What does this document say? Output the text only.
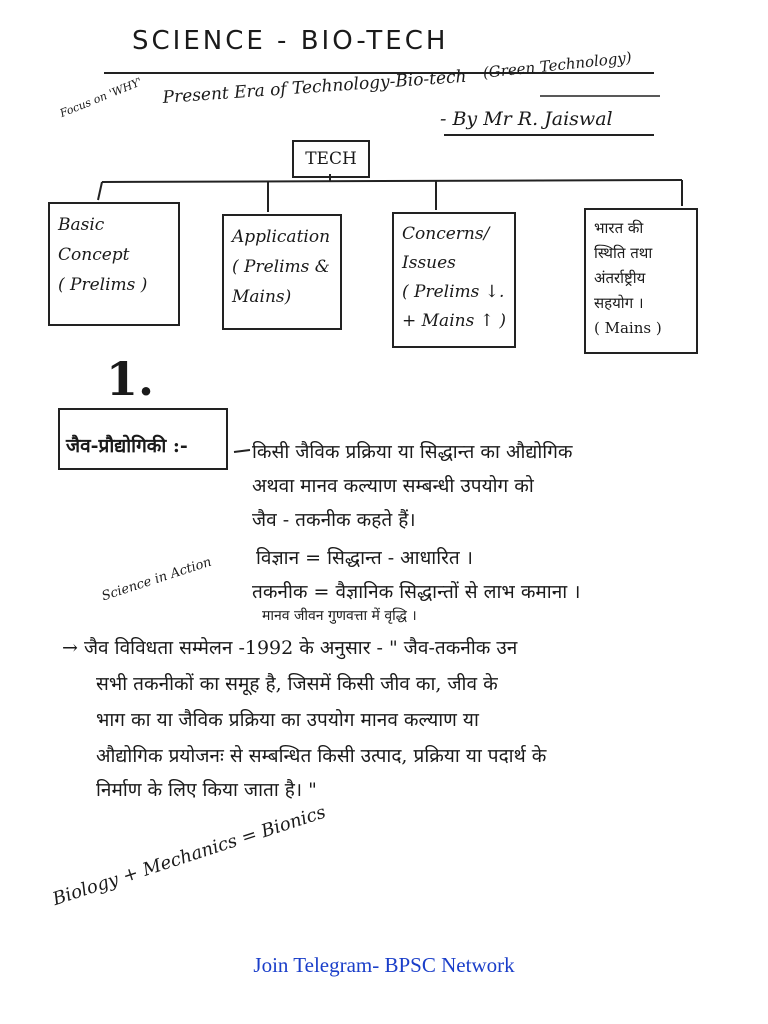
SCIENCE - BIO-TECH
Focus on 'WHY' Present Era of Technology-Bio-tech
(Green Technology)
- By Mr R. Jaiswal
TECH
Basic
Concept
( Prelims )
Application
( Prelims &
Mains)
Concerns/
Issues
( Prelims ↓.
+ Mains ↑ )
भारत की
स्थिति तथा
अंतर्राष्ट्रीय
सहयोग ।
( Mains )
1.
जैव-प्रौद्योगिकी :-	किसी जैविक प्रक्रिया या सिद्धान्त का औद्योगिक
अथवा मानव कल्याण सम्बन्धी उपयोग को
जैव - तकनीक कहते हैं।
विज्ञान = सिद्धान्त - आधारित ।
Science in Action तकनीक = वैज्ञानिक सिद्धान्तों से लाभ कमाना ।
मानव जीवन गुणवत्ता में वृद्धि ।
→ जैव विविधता सम्मेलन -1992 के अनुसार - " जैव-तकनीक उन
सभी तकनीकों का समूह है, जिसमें किसी जीव का, जीव के
भाग का या जैविक प्रक्रिया का उपयोग मानव कल्याण या
औद्योगिक प्रयोजनः से सम्बन्धित किसी उत्पाद, प्रक्रिया या पदार्थ के
निर्माण के लिए किया जाता है। "
Biology + Mechanics = Bionics
Join Telegram- BPSC Network
